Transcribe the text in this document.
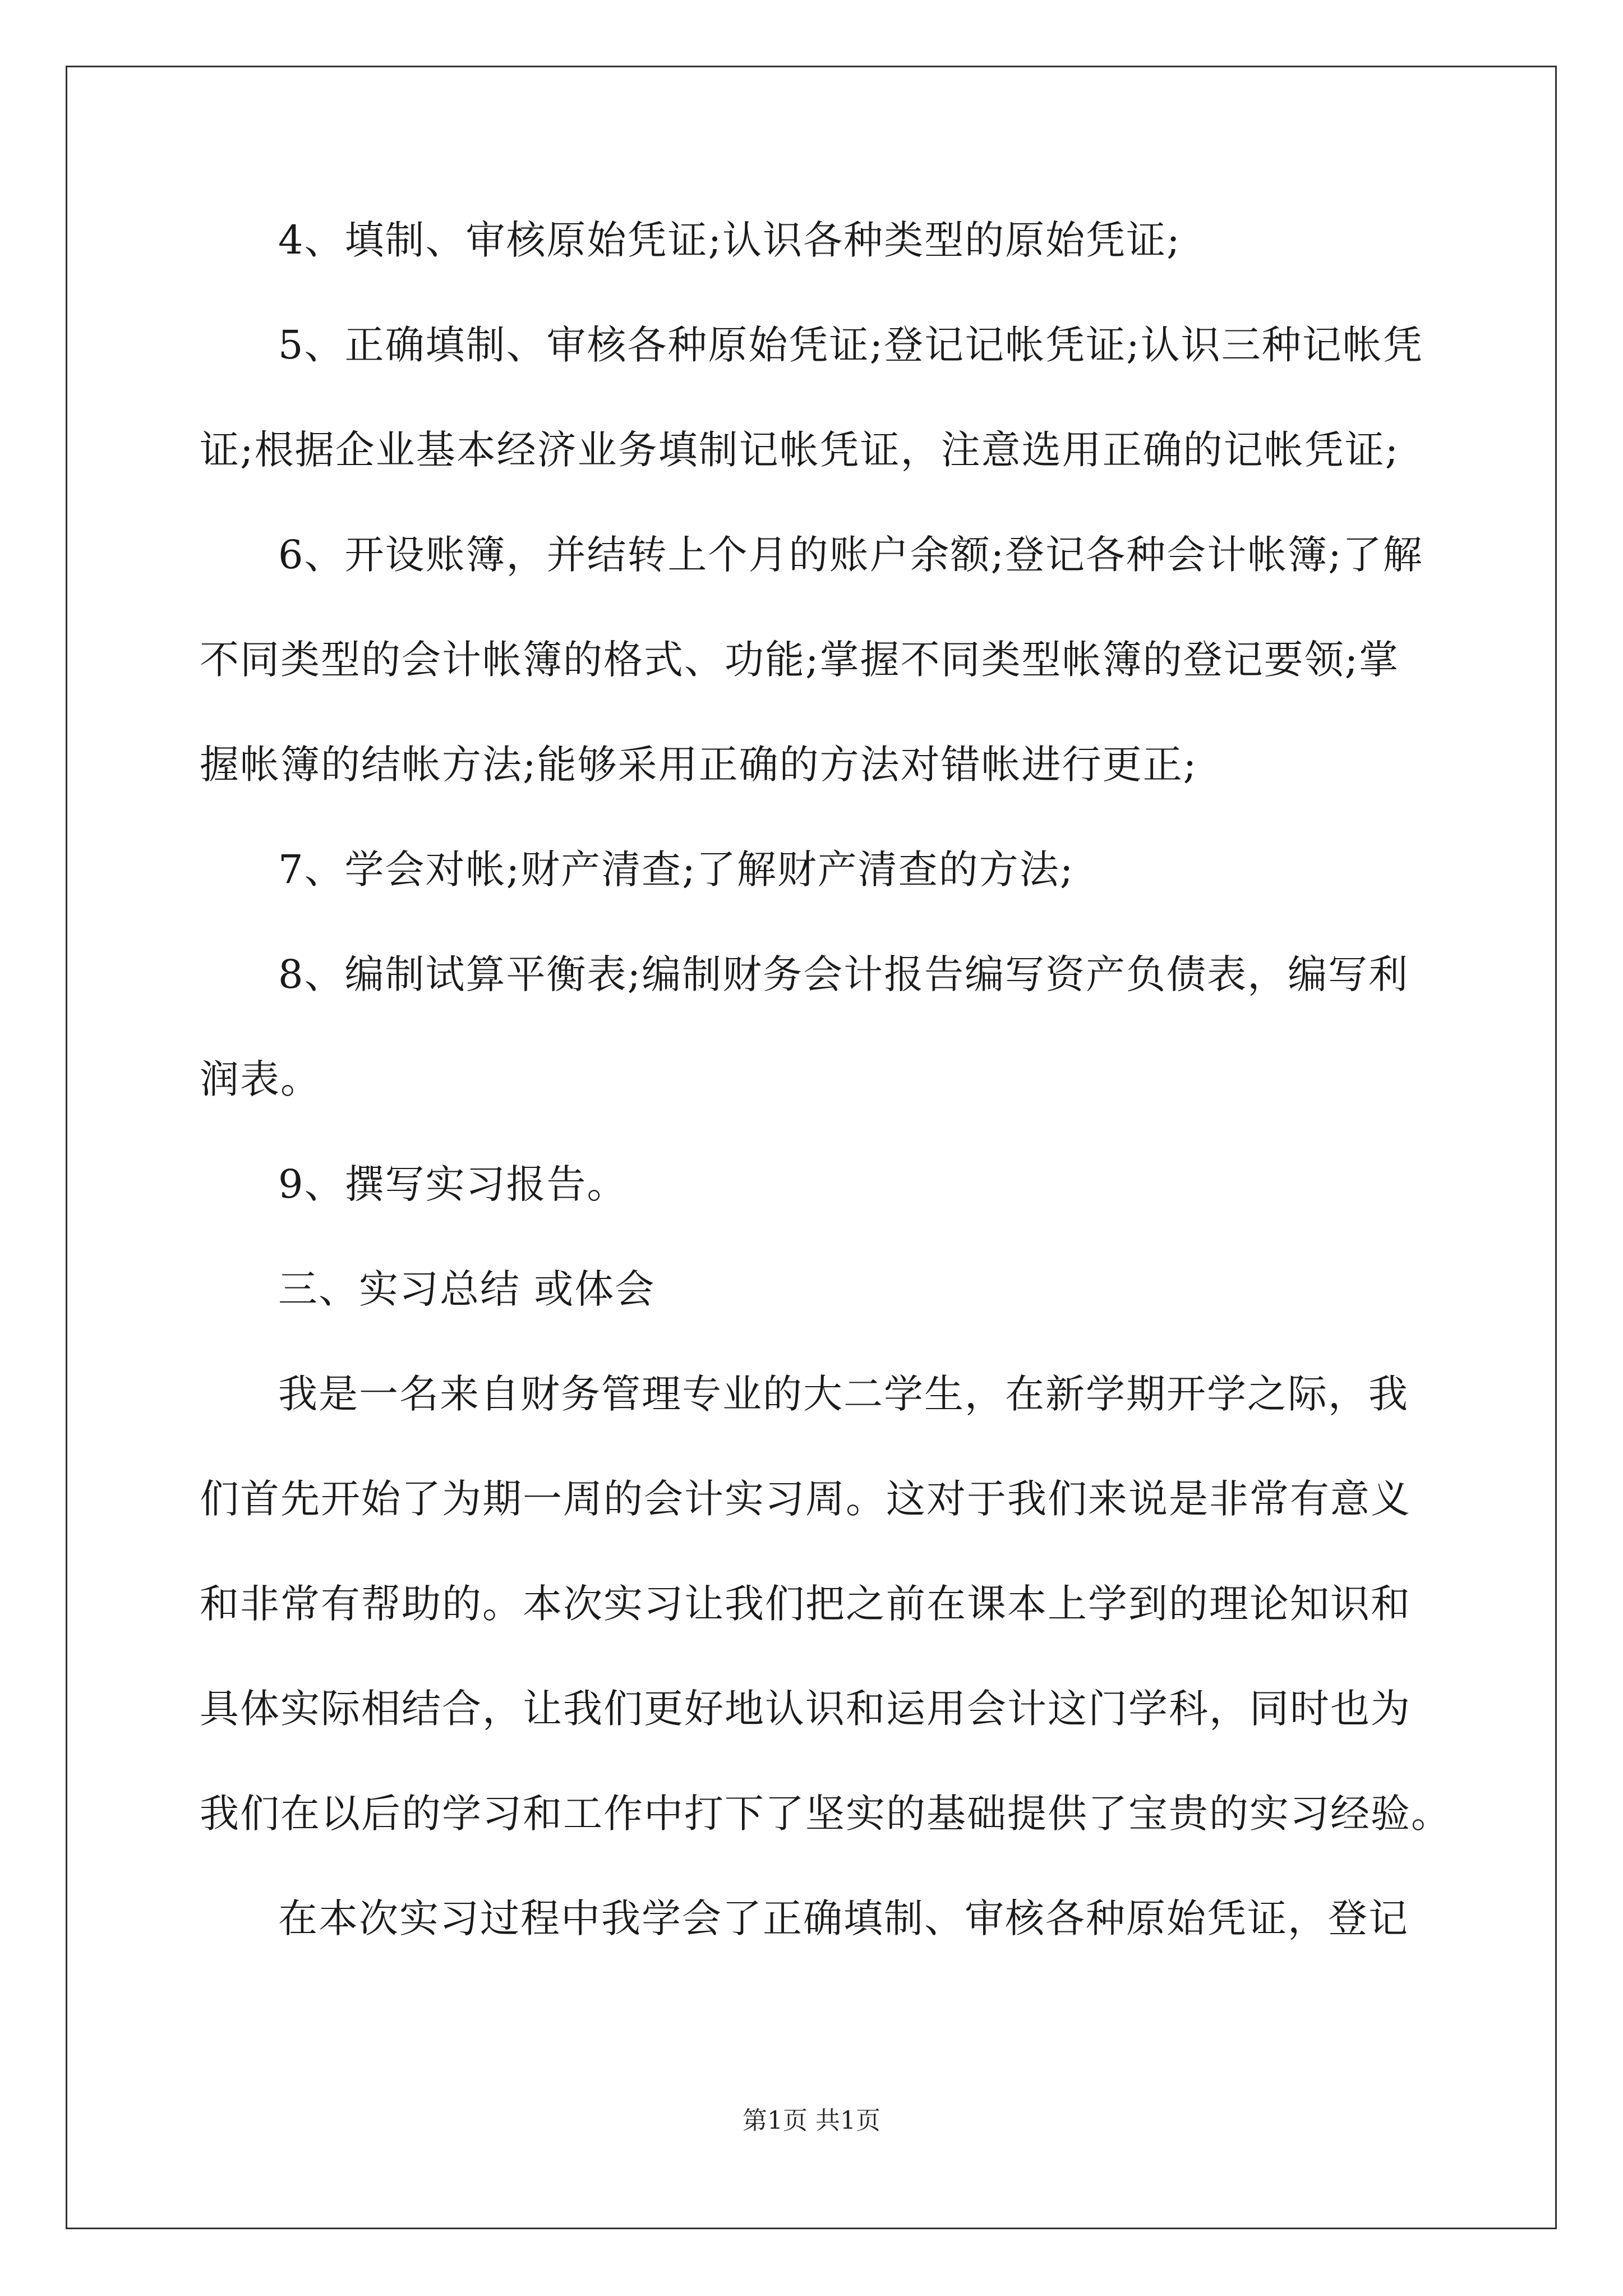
4、填制、审核原始凭证;认识各种类型的原始凭证;
5、正确填制、审核各种原始凭证;登记记帐凭证;认识三种记帐凭
证;根据企业基本经济业务填制记帐凭证，注意选用正确的记帐凭证;
6、开设账簿，并结转上个月的账户余额;登记各种会计帐簿;了解
不同类型的会计帐簿的格式、功能;掌握不同类型帐簿的登记要领;掌
握帐簿的结帐方法;能够采用正确的方法对错帐进行更正;
7、学会对帐;财产清查;了解财产清查的方法;
8、编制试算平衡表;编制财务会计报告编写资产负债表，编写利
润表。
9、撰写实习报告。
三、实习总结 或体会
我是一名来自财务管理专业的大二学生，在新学期开学之际，我
们首先开始了为期一周的会计实习周。这对于我们来说是非常有意义
和非常有帮助的。本次实习让我们把之前在课本上学到的理论知识和
具体实际相结合，让我们更好地认识和运用会计这门学科，同时也为
我们在以后的学习和工作中打下了坚实的基础提供了宝贵的实习经验。
在本次实习过程中我学会了正确填制、审核各种原始凭证，登记
第1页 共1页
